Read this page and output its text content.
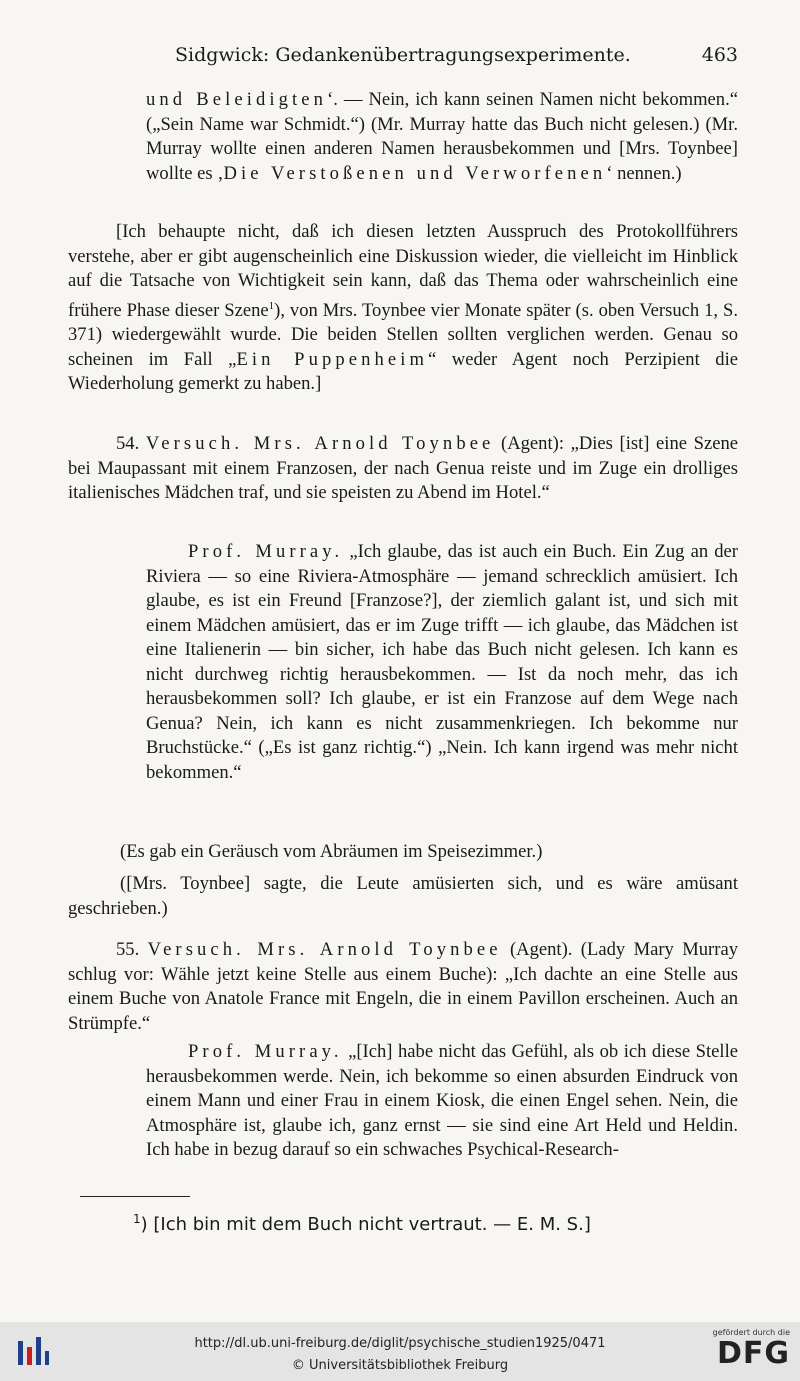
Sidgwick: Gedankenübertragungsexperimente.	463

und Beleidigten‘. — Nein, ich kann seinen Namen nicht bekommen.“ („Sein Name war Schmidt.“) (Mr. Murray hatte das Buch nicht gelesen.) (Mr. Murray wollte einen anderen Namen herausbekommen und [Mrs. Toynbee] wollte es ‚Die Verstoßenen und Verworfenen‘ nennen.)

[Ich behaupte nicht, daß ich diesen letzten Ausspruch des Protokollführers verstehe, aber er gibt augenscheinlich eine Diskussion wieder, die vielleicht im Hinblick auf die Tatsache von Wichtigkeit sein kann, daß das Thema oder wahrscheinlich eine frühere Phase dieser Szene$^1$), von Mrs. Toynbee vier Monate später (s. oben Versuch 1, S. 371) wiedergewählt wurde. Die beiden Stellen sollten verglichen werden. Genau so scheinen im Fall „Ein Puppenheim“ weder Agent noch Perzipient die Wiederholung gemerkt zu haben.]

54. Versuch. Mrs. Arnold Toynbee (Agent): „Dies [ist] eine Szene bei Maupassant mit einem Franzosen, der nach Genua reiste und im Zuge ein drolliges italienisches Mädchen traf, und sie speisten zu Abend im Hotel.“

Prof. Murray. „Ich glaube, das ist auch ein Buch. Ein Zug an der Riviera — so eine Riviera-Atmosphäre — jemand schrecklich amüsiert. Ich glaube, es ist ein Freund [Franzose?], der ziemlich galant ist, und sich mit einem Mädchen amüsiert, das er im Zuge trifft — ich glaube, das Mädchen ist eine Italienerin — bin sicher, ich habe das Buch nicht gelesen. Ich kann es nicht durchweg richtig herausbekommen. — Ist da noch mehr, das ich herausbekommen soll? Ich glaube, er ist ein Franzose auf dem Wege nach Genua? Nein, ich kann es nicht zusammenkriegen. Ich bekomme nur Bruchstücke.“ („Es ist ganz richtig.“) „Nein. Ich kann irgend was mehr nicht bekommen.“

(Es gab ein Geräusch vom Abräumen im Speisezimmer.)

([Mrs. Toynbee] sagte, die Leute amüsierten sich, und es wäre amüsant geschrieben.)

55. Versuch. Mrs. Arnold Toynbee (Agent). (Lady Mary Murray schlug vor: Wähle jetzt keine Stelle aus einem Buche): „Ich dachte an eine Stelle aus einem Buche von Anatole France mit Engeln, die in einem Pavillon erscheinen. Auch an Strümpfe.“

Prof. Murray. „[Ich] habe nicht das Gefühl, als ob ich diese Stelle herausbekommen werde. Nein, ich bekomme so einen absurden Eindruck von einem Mann und einer Frau in einem Kiosk, die einen Engel sehen. Nein, die Atmosphäre ist, glaube ich, ganz ernst — sie sind eine Art Held und Heldin. Ich habe in bezug darauf so ein schwaches Psychical-Research-

$^1$) [Ich bin mit dem Buch nicht vertraut. — E. M. S.]
http://dl.ub.uni-freiburg.de/diglit/psychische_studien1925/0471
© Universitätsbibliothek Freiburg
gefördert durch die
DFG
